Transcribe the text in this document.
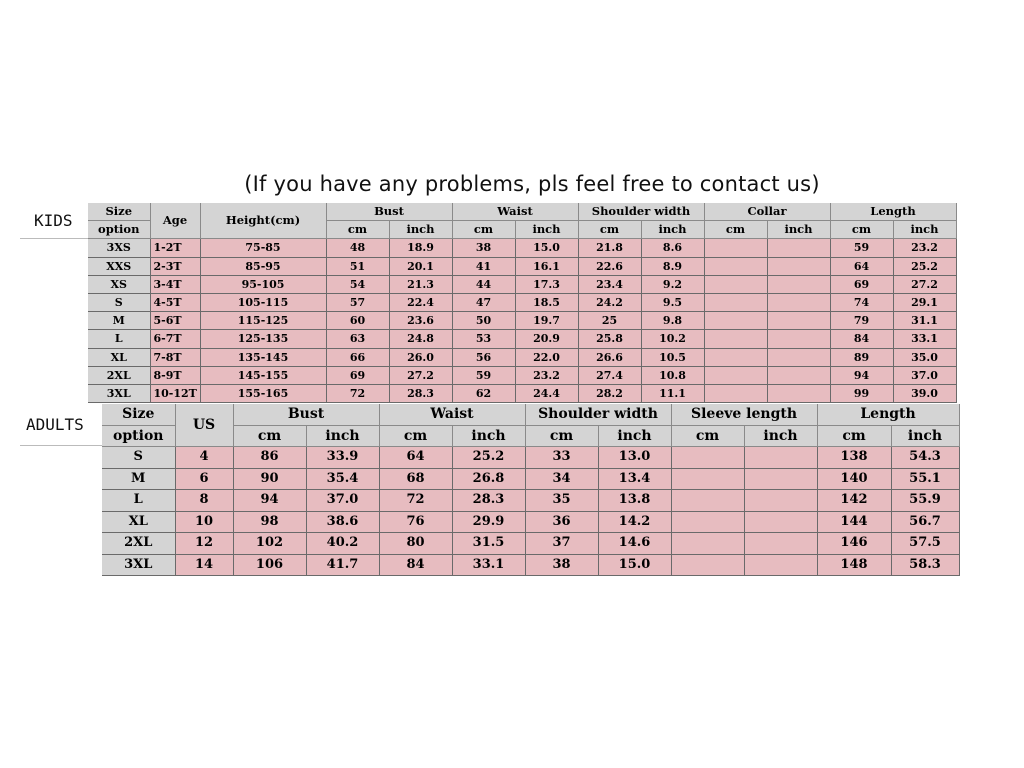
(If you have any problems, pls feel free to contact us)
KIDS	Size	Age	Height(cm)	Bust		Waist		Shoulder width		Collar		Length	
option			cm	inch	cm	inch	cm	inch	cm	inch	cm	inch
3XS	1-2T	75-85	48	18.9	38	15.0	21.8	8.6			59	23.2
XXS	2-3T	85-95	51	20.1	41	16.1	22.6	8.9			64	25.2
XS	3-4T	95-105	54	21.3	44	17.3	23.4	9.2			69	27.2
S	4-5T	105-115	57	22.4	47	18.5	24.2	9.5			74	29.1
M	5-6T	115-125	60	23.6	50	19.7	25	9.8			79	31.1
L	6-7T	125-135	63	24.8	53	20.9	25.8	10.2			84	33.1
XL	7-8T	135-145	66	26.0	56	22.0	26.6	10.5			89	35.0
2XL	8-9T	145-155	69	27.2	59	23.2	27.4	10.8			94	37.0
3XL	10-12T	155-165	72	28.3	62	24.4	28.2	11.1			99	39.0
ADULTS
Size	US	Bust		Waist		Shoulder width		Sleeve length		Length	
option		cm	inch	cm	inch	cm	inch	cm	inch	cm	inch
S	4	86	33.9	64	25.2	33	13.0			138	54.3
M	6	90	35.4	68	26.8	34	13.4			140	55.1
L	8	94	37.0	72	28.3	35	13.8			142	55.9
XL	10	98	38.6	76	29.9	36	14.2			144	56.7
2XL	12	102	40.2	80	31.5	37	14.6			146	57.5
3XL	14	106	41.7	84	33.1	38	15.0			148	58.3
